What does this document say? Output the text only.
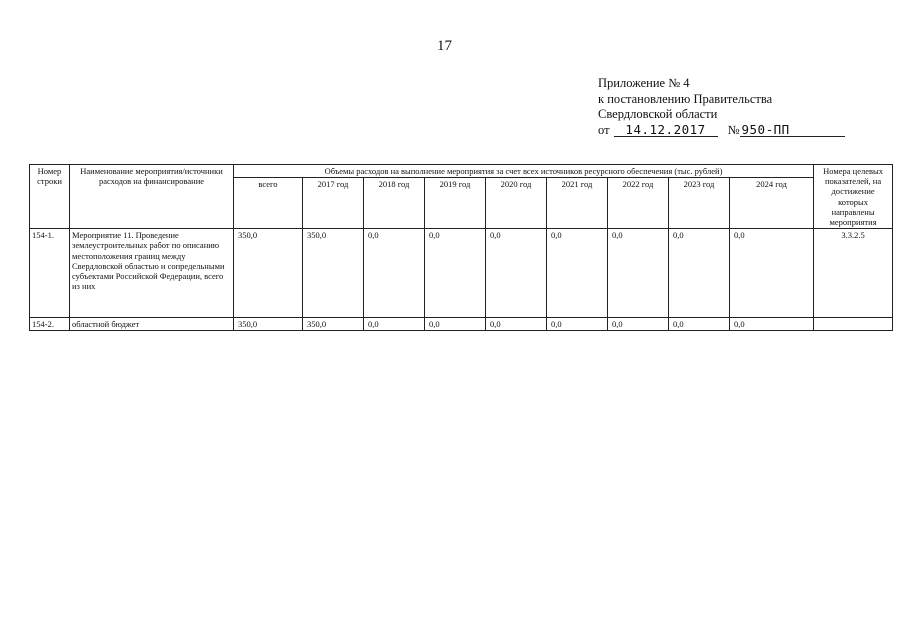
17
Приложение № 4
к постановлению Правительства
Свердловской области
от	14.12.2017	№ 950-ПП
Номер строки	Наименование мероприятия/источники расходов на финансирование	Объемы расходов на выполнение мероприятия за счет всех источников ресурсного обеспечения (тыс. рублей)									Номера целевых показателей, на достижение которых направлены мероприятия
		всего	2017 год	2018 год	2019 год	2020 год	2021 год	2022 год	2023 год	2024 год	
154-1.	Мероприятие 11. Проведение землеустроительных работ по описанию местоположения границ между Свердловской областью и сопредельными субъектами Российской Федерации, всего из них	350,0	350,0	0,0	0,0	0,0	0,0	0,0	0,0	0,0	3.3.2.5
154-2.	областной бюджет	350,0	350,0	0,0	0,0	0,0	0,0	0,0	0,0	0,0	
